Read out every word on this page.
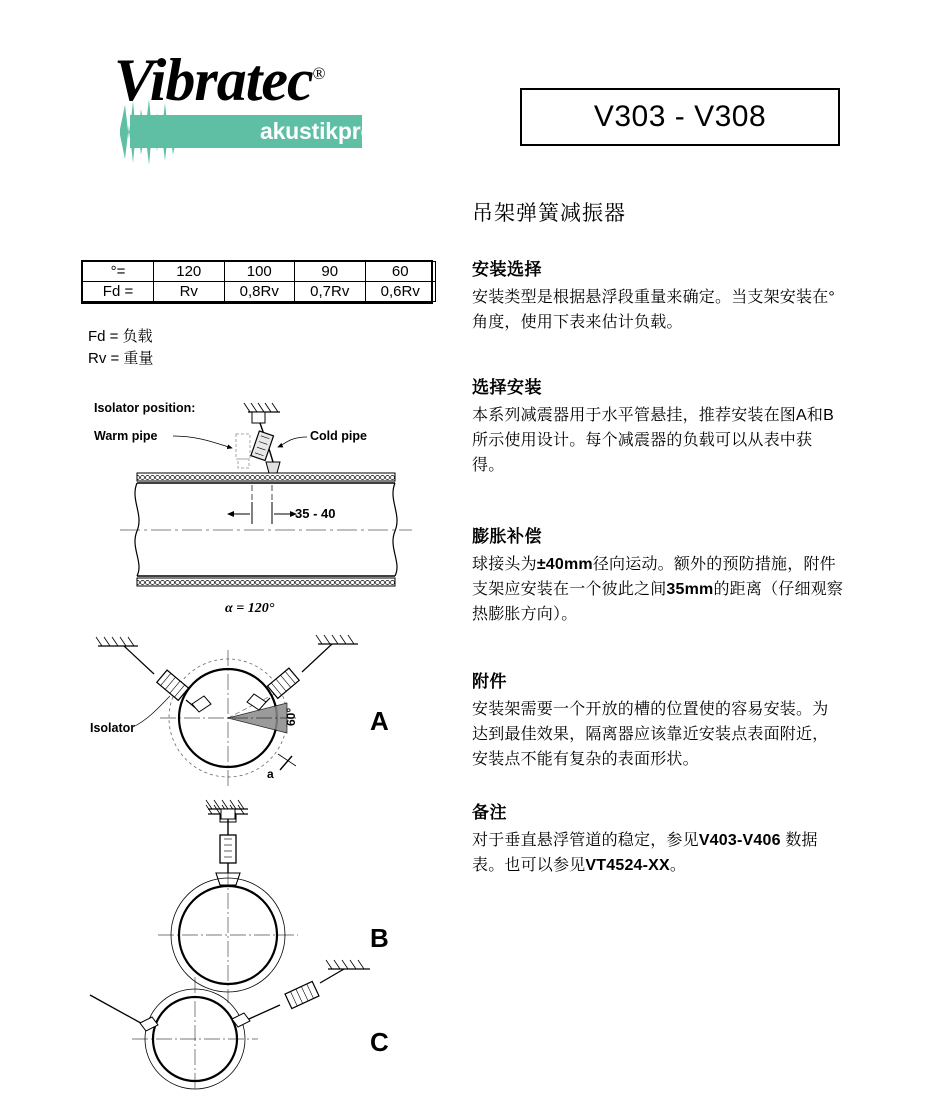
Vibratec®
akustikprodukter	V303 - V308
吊架弹簧减振器
°=	120	100	90	60
Fd =	Rv	0,8Rv	0,7Rv	0,6Rv
Fd = 负载
Rv = 重量
35 - 40
Isolator position:
Warm pipe	Cold pipe
α = 120°
Isolator
60°
a
A
B
C
安装选择

安装类型是根据悬浮段重量来确定。当支架安装在°角度，使用下表来估计负载。

选择安装

本系列减震器用于水平管悬挂，推荐安装在图A和B所示使用设计。每个减震器的负载可以从表中获得。

膨胀补偿

球接头为±40mm径向运动。额外的预防措施，附件支架应安装在一个彼此之间35mm的距离（仔细观察热膨胀方向）。

附件

安装架需要一个开放的槽的位置使的容易安装。为达到最佳效果，隔离器应该靠近安装点表面附近，安装点不能有复杂的表面形状。

备注

对于垂直悬浮管道的稳定，参见V403-V406 数据表。也可以参见VT4524-XX。
